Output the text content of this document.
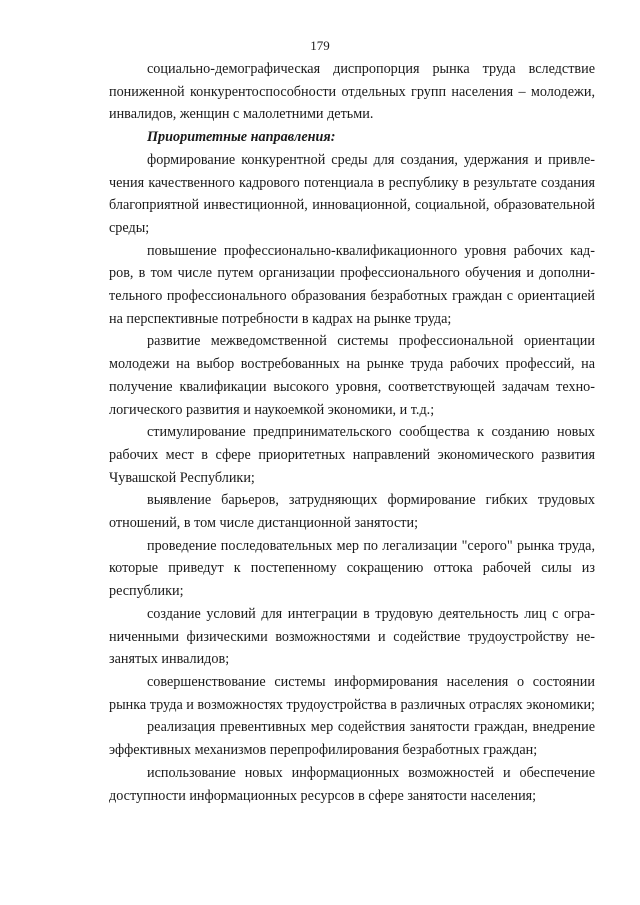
179

социально-демографическая диспропорция рынка труда вследствие пониженной конкурентоспособности отдельных групп населения – молодежи, инвалидов, женщин с малолетними детьми.

Приоритетные направления:

формирование конкурентной среды для создания, удержания и привлечения качественного кадрового потенциала в республику в результате создания благоприятной инвестиционной, инновационной, социальной, образовательной среды;

повышение профессионально-квалификационного уровня рабочих кадров, в том числе путем организации профессионального обучения и дополнительного профессионального образования безработных граждан с ориентацией на перспективные потребности в кадрах на рынке труда;

развитие межведомственной системы профессиональной ориентации молодежи на выбор востребованных на рынке труда рабочих профессий, на получение квалификации высокого уровня, соответствующей задачам технологического развития и наукоемкой экономики, и т.д.;

стимулирование предпринимательского сообщества к созданию новых рабочих мест в сфере приоритетных направлений экономического развития Чувашской Республики;

выявление барьеров, затрудняющих формирование гибких трудовых отношений, в том числе дистанционной занятости;

проведение последовательных мер по легализации "серого" рынка труда, которые приведут к постепенному сокращению оттока рабочей силы из республики;

создание условий для интеграции в трудовую деятельность лиц с ограниченными физическими возможностями и содействие трудоустройству незанятых инвалидов;

совершенствование системы информирования населения о состоянии рынка труда и возможностях трудоустройства в различных отраслях экономики;

реализация превентивных мер содействия занятости граждан, внедрение эффективных механизмов перепрофилирования безработных граждан;

использование новых информационных возможностей и обеспечение доступности информационных ресурсов в сфере занятости населения;
